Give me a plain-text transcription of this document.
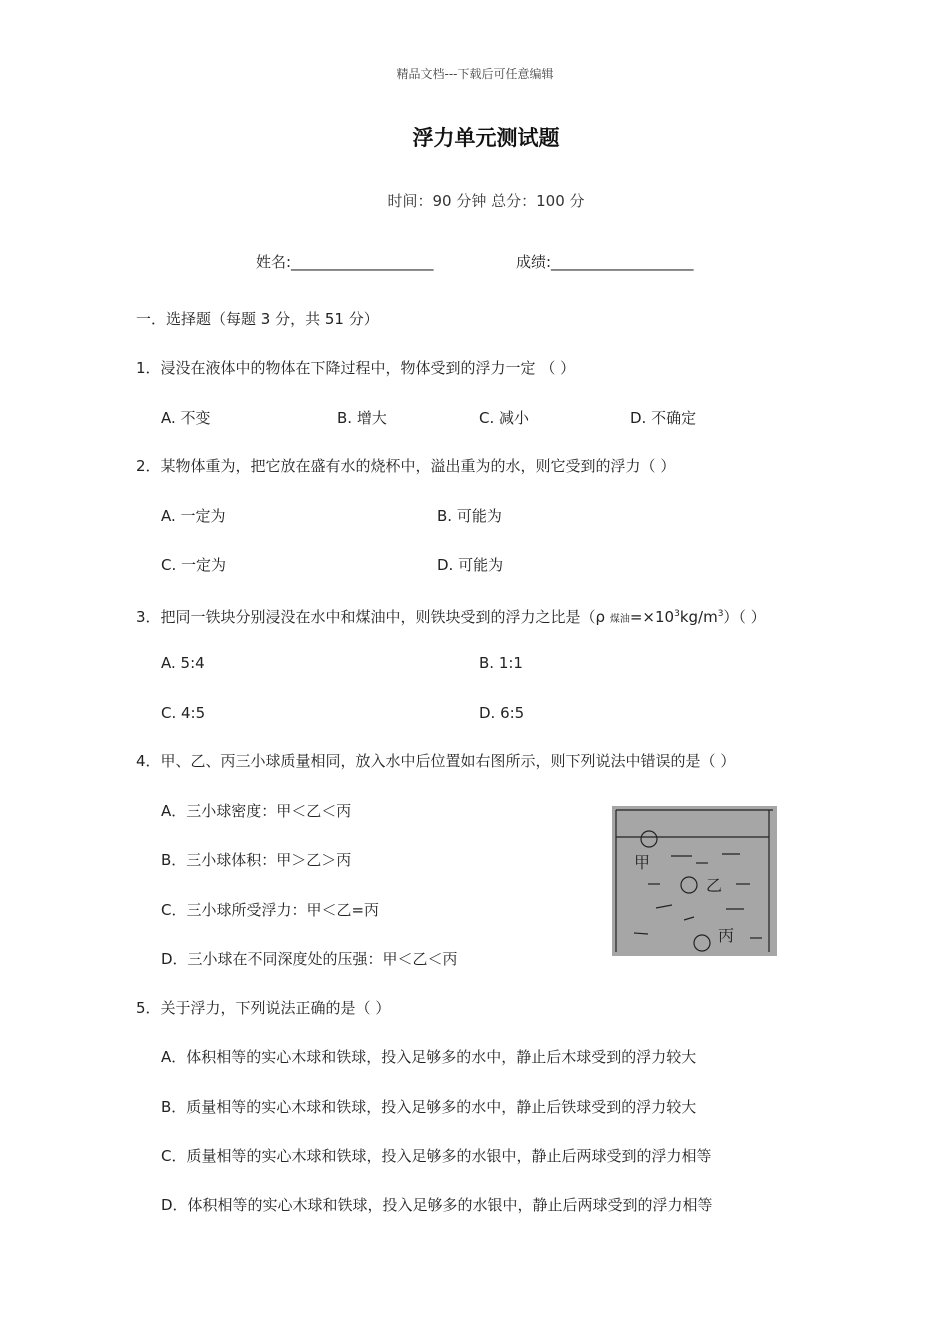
精品文档---下载后可任意编辑
浮力单元测试题
时间：90 分钟 总分：100 分
姓名:___________________	成绩:___________________
一．选择题（每题 3 分，共 51 分）
1．浸没在液体中的物体在下降过程中，物体受到的浮力一定 （ ）
A. 不变	B. 增大	C. 减小	D. 不确定
2．某物体重为，把它放在盛有水的烧杯中，溢出重为的水，则它受到的浮力（ ）
A. 一定为	B. 可能为
C. 一定为	D. 可能为
3．把同一铁块分别浸没在水中和煤油中，则铁块受到的浮力之比是（ρ 煤油$=\times 10^3kg/m^3$）（ ）
A. 5:4	B. 1:1
C. 4:5	D. 6:5
4．甲、乙、丙三小球质量相同，放入水中后位置如右图所示，则下列说法中错误的是（ ）
A．三小球密度：甲＜乙＜丙
B．三小球体积：甲＞乙＞丙
C．三小球所受浮力：甲＜乙=丙
D．三小球在不同深度处的压强：甲＜乙＜丙
甲
乙
丙
5．关于浮力，下列说法正确的是（ ）
A．体积相等的实心木球和铁球，投入足够多的水中，静止后木球受到的浮力较大
B．质量相等的实心木球和铁球，投入足够多的水中，静止后铁球受到的浮力较大
C．质量相等的实心木球和铁球，投入足够多的水银中，静止后两球受到的浮力相等
D．体积相等的实心木球和铁球，投入足够多的水银中，静止后两球受到的浮力相等
